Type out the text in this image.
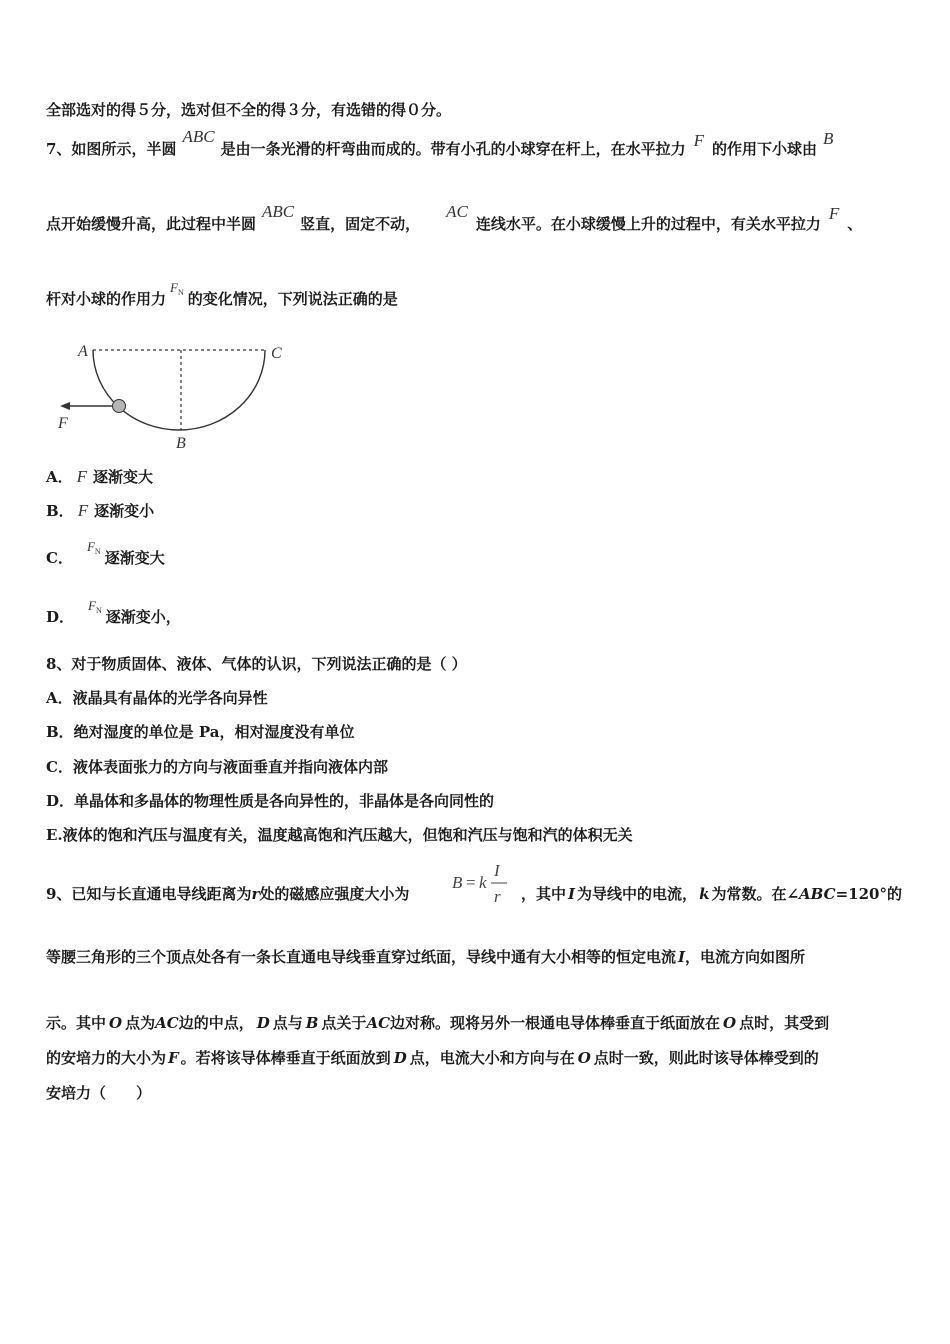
全部选对的得５分，选对但不全的得３分，有选错的得０分。
7、如图所示，半圆ABC是由一条光滑的杆弯曲而成的。带有小孔的小球穿在杆上，在水平拉力 F 的作用下小球由B
点开始缓慢升高，此过程中半圆ABC竖直，固定不动，AC连线水平。在小球缓慢上升的过程中，有关水平拉力F、
杆对小球的作用力$F_N$ 的变化情况，下列说法正确的是
A	C
B
F
A． F 逐渐变大
B． F 逐渐变小
C．$F_N$ 逐渐变大
D．$F_N$ 逐渐变小，
8、对于物质固体、液体、气体的认识，下列说法正确的是（ ）
A．液晶具有晶体的光学各向异性
B．绝对湿度的单位是 Pa，相对湿度没有单位
C．液体表面张力的方向与液面垂直并指向液体内部
D．单晶体和多晶体的物理性质是各向异性的，非晶体是各向同性的
E.液体的饱和汽压与温度有关，温度越高饱和汽压越大，但饱和汽压与饱和汽的体积无关
9、已知与长直通电导线距离为r处的磁感应强度大小为
B = k
I
r ，其中 I 为导线中的电流， k 为常数。在∠ABC=120°的
等腰三角形的三个顶点处各有一条长直通电导线垂直穿过纸面，导线中通有大小相等的恒定电流 I，电流方向如图所
示。其中 O 点为AC边的中点， D 点与 B 点关于AC边对称。现将另外一根通电导体棒垂直于纸面放在 O 点时，其受到
的安培力的大小为 F 。若将该导体棒垂直于纸面放到 D 点，电流大小和方向与在 O 点时一致，则此时该导体棒受到的
安培力（　　）
